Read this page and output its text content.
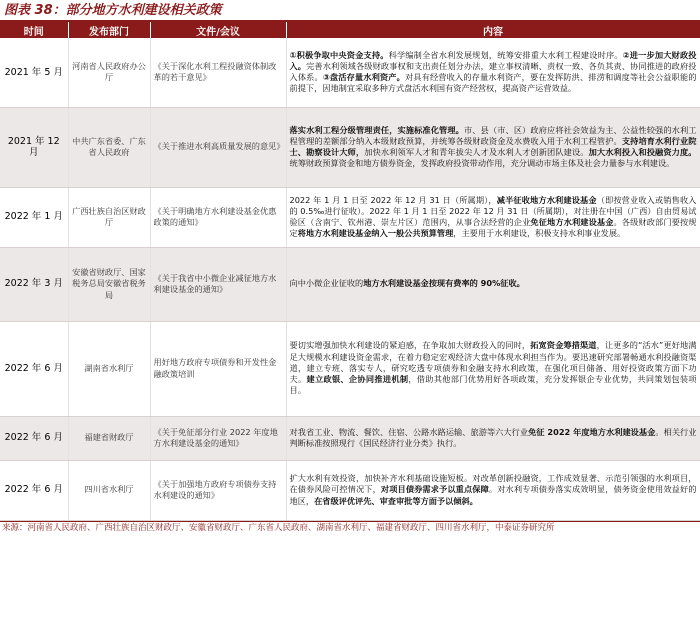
图表 38：部分地方水利建设相关政策
时间	发布部门	文件/会议	内容
2021 年 5 月	河南省人民政府办公厅	《关于深化水利工程投融资体制改革的若干意见》	①积极争取中央资金支持。科学编制全省水利发展规划，统筹安排重大水利工程建设时序。②进一步加大财政投入。完善水利领域各级财政事权和支出责任划分办法，建立事权清晰、责权一致、各负其责、协同推进的政府投入体系。③盘活存量水利资产。对具有经营收入的存量水利资产，要在发挥防洪、排涝和调度等社会公益职能的前提下，因地制宜采取多种方式盘活水利国有资产经营权，提高资产运营效益。
2021 年 12 月	中共广东省委、广东省人民政府	《关于推进水利高质量发展的意见》	落实水利工程分级管理责任，实施标准化管理。市、县（市、区）政府应将社会效益为主、公益性较强的水利工程管理的差额部分纳入本级财政预算，并统筹各级财政资金及水费收入用于水利工程管护。支持培育水利行业院士、勘察设计大师，加快水利领军人才和青年拔尖人才及水利人才创新团队建设。加大水利投入和投融资力度。统筹财政预算资金和地方债券资金，发挥政府投资带动作用，充分调动市场主体及社会力量参与水利建设。
2022 年 1 月	广西壮族自治区财政厅	《关于明确地方水利建设基金优惠政策的通知》	2022 年 1 月 1 日至 2022 年 12 月 31 日（所属期），减半征收地方水利建设基金（即按营业收入或销售收入的 0.5‰进行征收）。2022 年 1 月 1 日至 2022 年 12 月 31 日（所属期），对注册在中国（广西）自由贸易试验区（含南宁、钦州港、崇左片区）范围内，从事合法经营的企业免征地方水利建设基金。各级财政部门要按规定将地方水利建设基金纳入一般公共预算管理，主要用于水利建设，积极支持水利事业发展。
2022 年 3 月	安徽省财政厅、国家税务总局安徽省税务局	《关于我省中小微企业减征地方水利建设基金的通知》	向中小微企业征收的地方水利建设基金按现有费率的 90%征收。
2022 年 6 月	湖南省水利厅	用好地方政府专项债券和开发性金融政策培训	要切实增强加快水利建设的紧迫感，在争取加大财政投入的同时，拓宽资金筹措渠道，让更多的“活水”更好地满足大规模水利建设资金需求，在着力稳定宏观经济大盘中体现水利担当作为。要迅速研究部署畅通水利投融资渠道，建立专班、落实专人，研究吃透专项债券和金融支持水利政策，在强化项目储备、用好投资政策方面下功夫。建立政银、企协同推进机制，借助其他部门优势用好各项政策，充分发挥银企专业优势，共同策划包装项目。
2022 年 6 月	福建省财政厅	《关于免征部分行业 2022 年度地方水利建设基金的通知》	对我省工业、物流、餐饮、住宿、公路水路运输、旅游等六大行业免征 2022 年度地方水利建设基金。相关行业判断标准按照现行《国民经济行业分类》执行。
2022 年 6 月	四川省水利厅	《关于加强地方政府专项债券支持水利建设的通知》	扩大水利有效投资，加快补齐水利基础设施短板。对改革创新投融资，工作成效显著、示范引领强的水利项目，在债券风险可控情况下，对项目债券需求予以重点保障。对水利专项债券落实成效明显，债务资金使用效益好的地区，在省级评优评先、审查审批等方面予以倾斜。
来源：河南省人民政府、广西壮族自治区财政厅、安徽省财政厅、广东省人民政府、湖南省水利厅、福建省财政厅、四川省水利厅，中泰证券研究所
